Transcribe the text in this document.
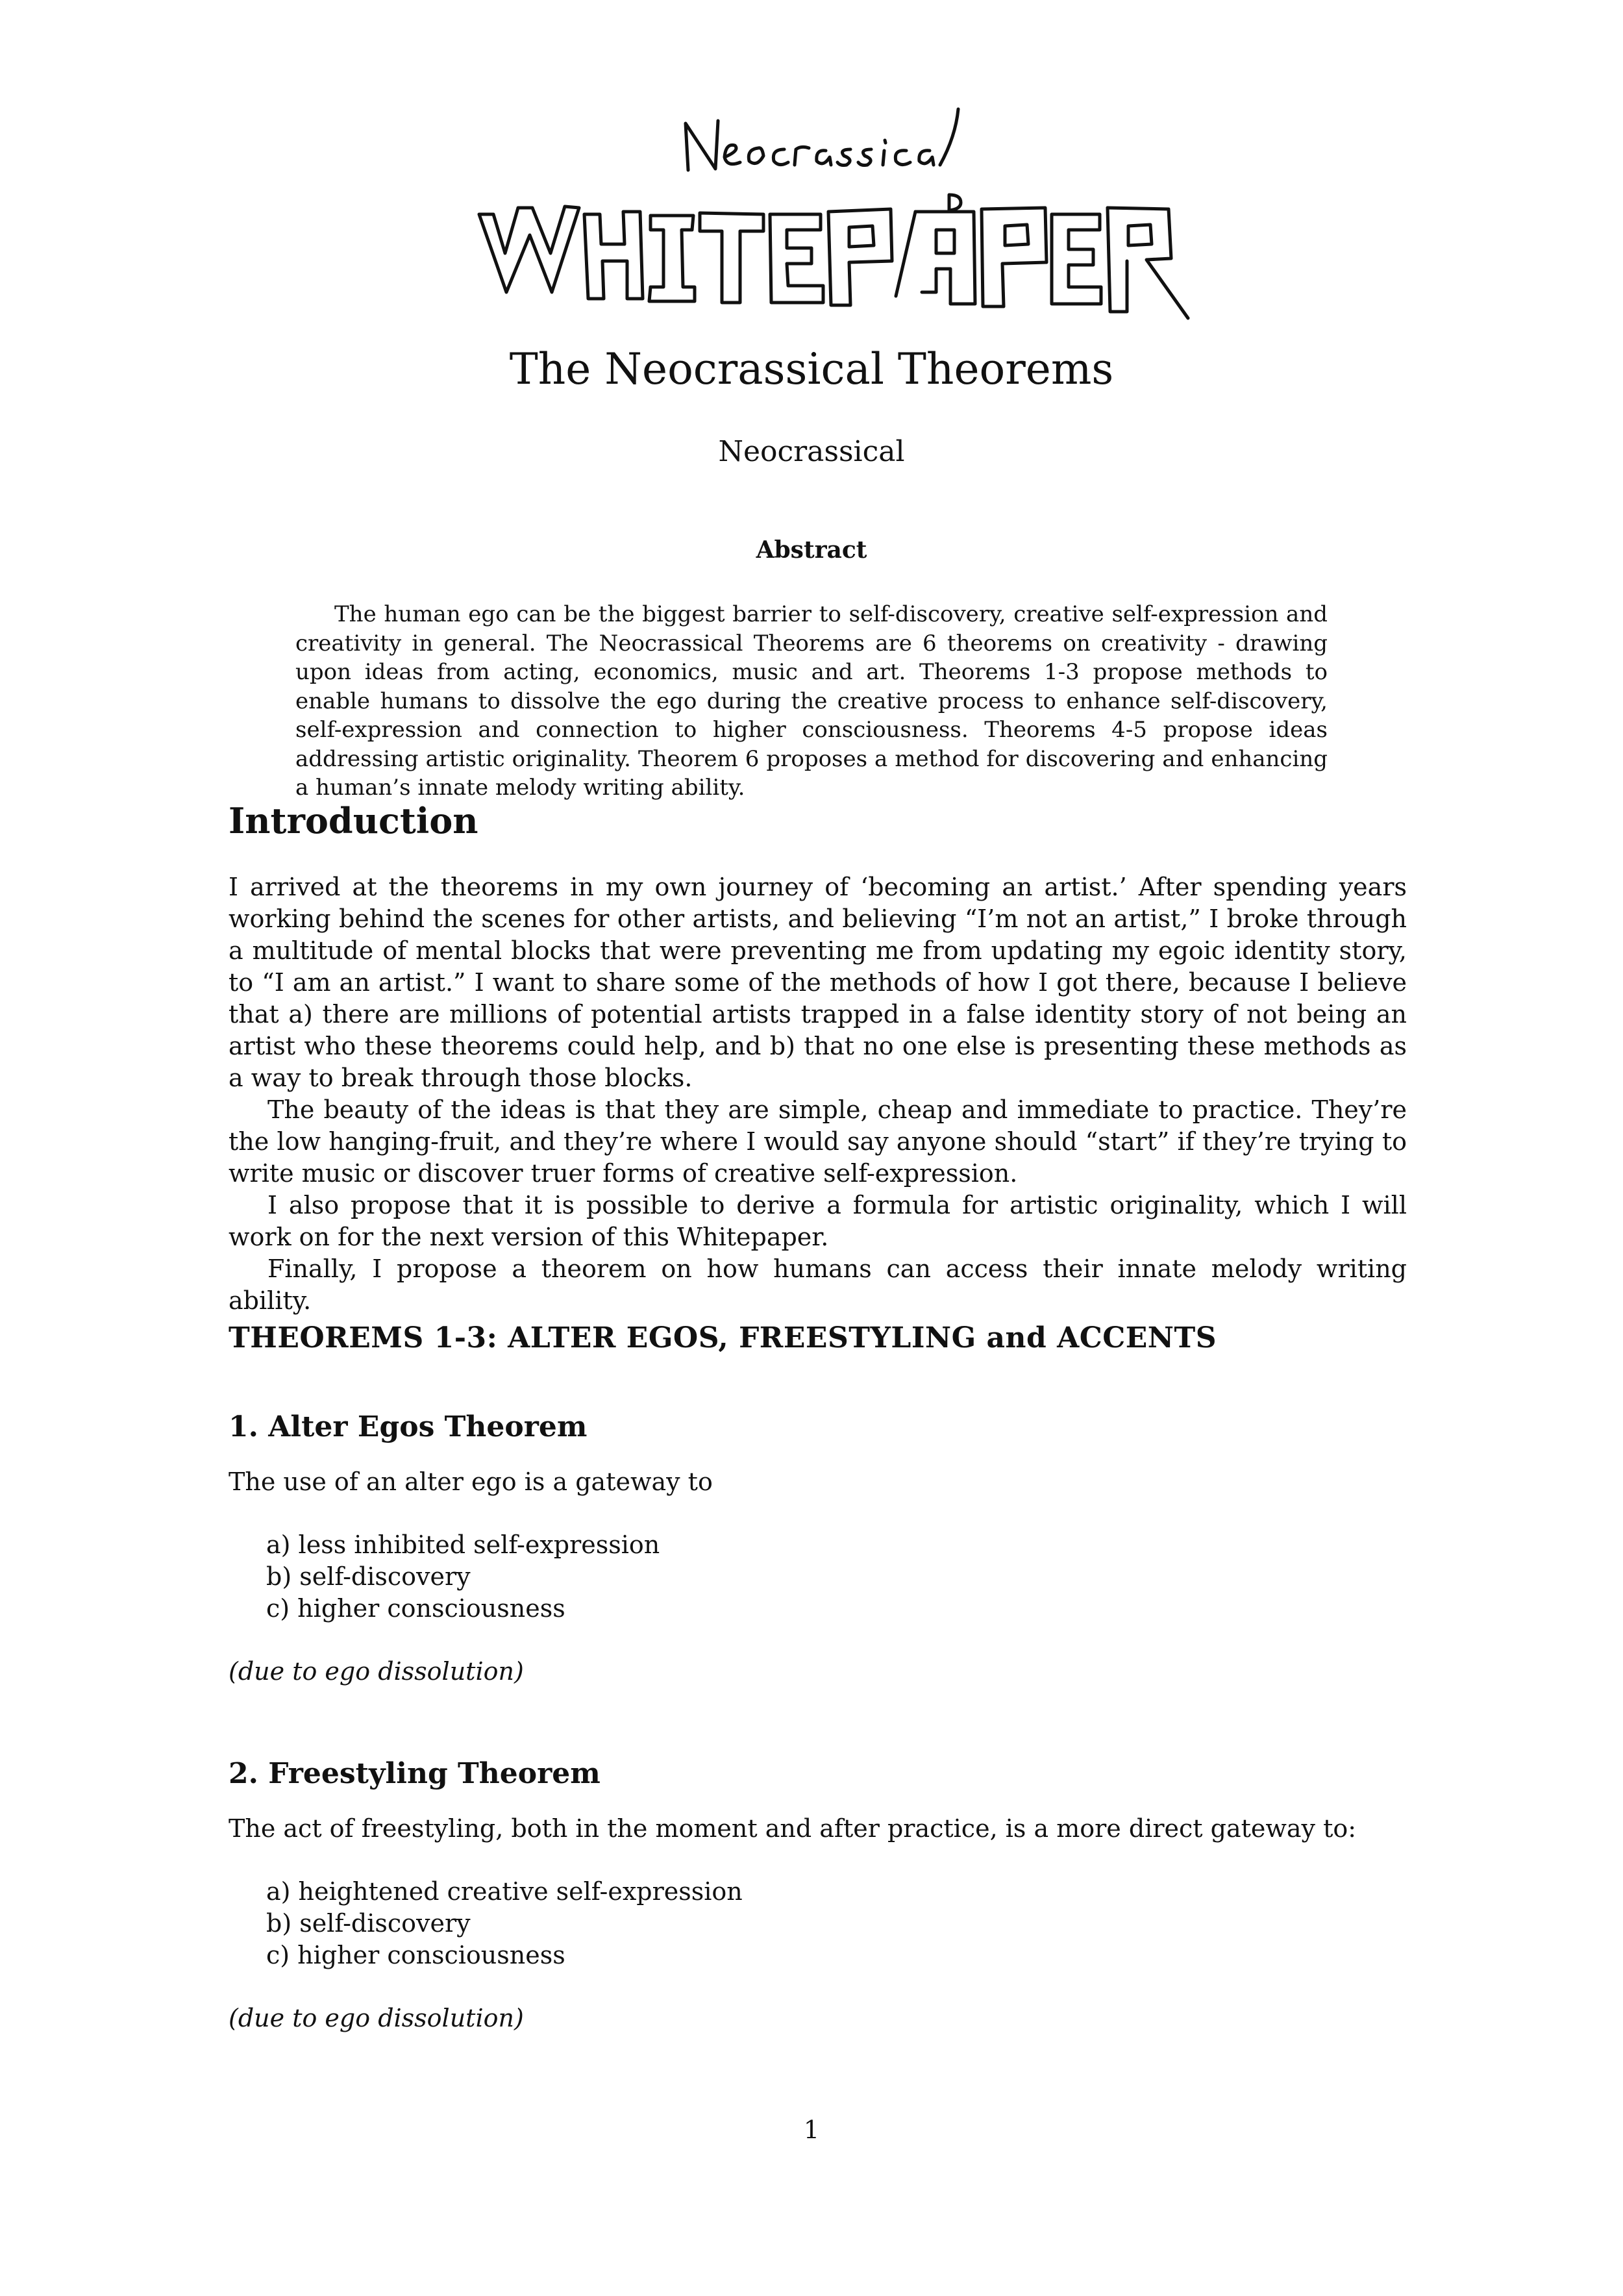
The Neocrassical Theorems
Neocrassical
Abstract

The human ego can be the biggest barrier to self-discovery, creative self-expression and creativity in general. The Neocrassical Theorems are 6 theorems on creativity - drawing upon ideas from acting, economics, music and art. Theorems 1-3 propose methods to enable humans to dissolve the ego during the creative process to enhance self-discovery, self-expression and connection to higher consciousness. Theorems 4-5 propose ideas addressing artistic originality. Theorem 6 proposes a method for discovering and enhancing a human’s innate melody writing ability.

Introduction

I arrived at the theorems in my own journey of ‘becoming an artist.’ After spending years working behind the scenes for other artists, and believing “I’m not an artist,” I broke through a multitude of mental blocks that were preventing me from updating my egoic identity story, to “I am an artist.” I want to share some of the methods of how I got there, because I believe that a) there are millions of potential artists trapped in a false identity story of not being an artist who these theorems could help, and b) that no one else is presenting these methods as a way to break through those blocks.

The beauty of the ideas is that they are simple, cheap and immediate to practice. They’re the low hanging-fruit, and they’re where I would say anyone should “start” if they’re trying to write music or discover truer forms of creative self-expression.

I also propose that it is possible to derive a formula for artistic originality, which I will work on for the next version of this Whitepaper.

Finally, I propose a theorem on how humans can access their innate melody writing ability.

THEOREMS 1-3: ALTER EGOS, FREESTYLING and ACCENTS
1. Alter Egos Theorem

The use of an alter ego is a gateway to

a) less inhibited self-expression
b) self-discovery
c) higher consciousness
(due to ego dissolution)
2. Freestyling Theorem

The act of freestyling, both in the moment and after practice, is a more direct gateway to:

a) heightened creative self-expression
b) self-discovery
c) higher consciousness
(due to ego dissolution)
1
